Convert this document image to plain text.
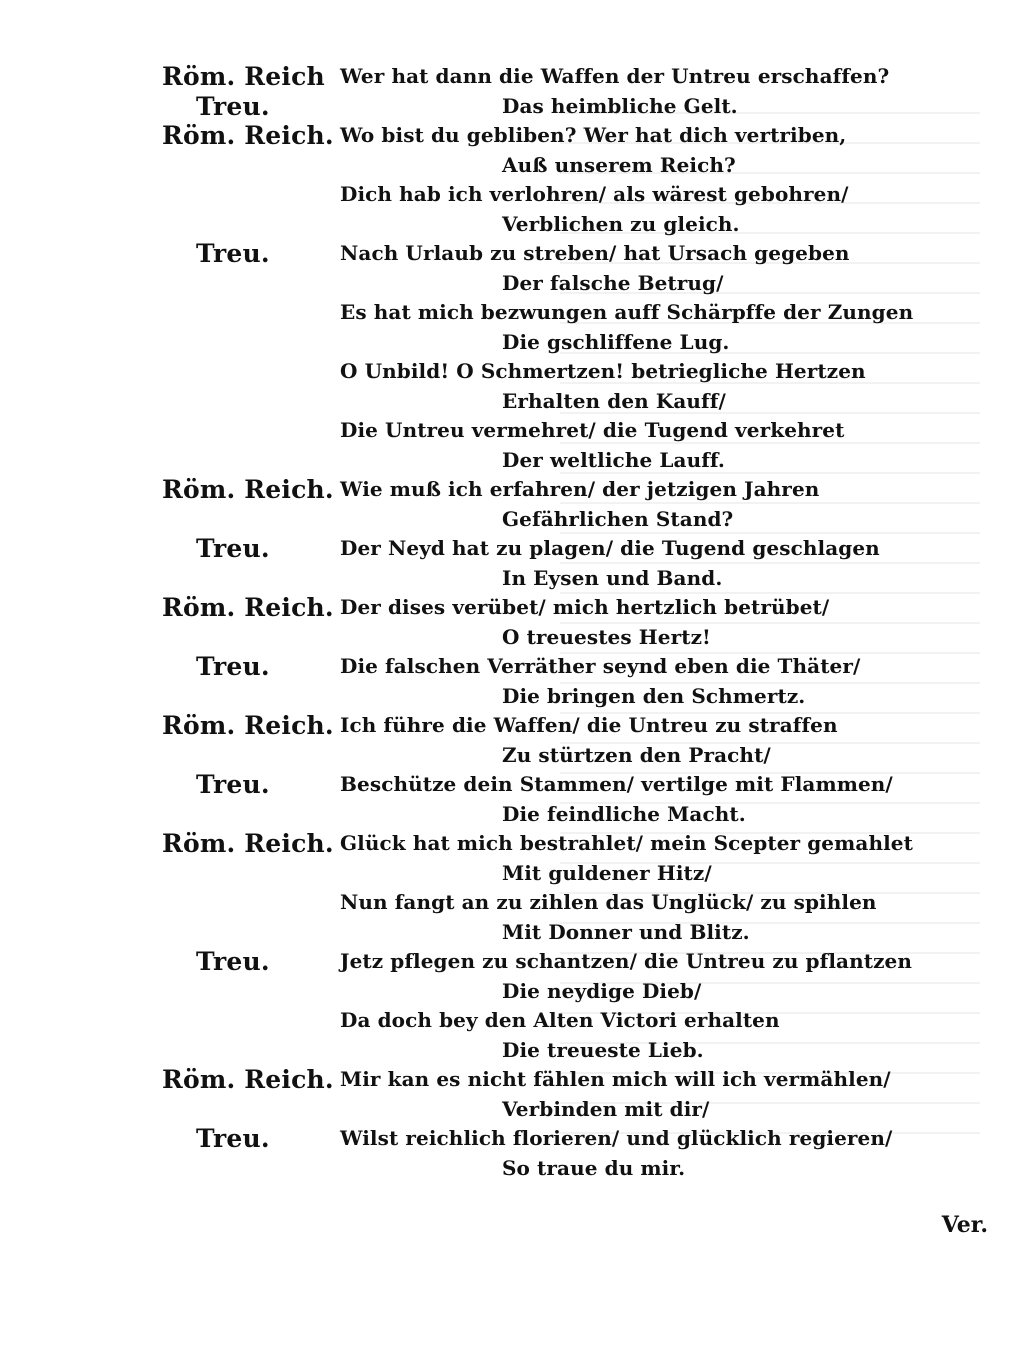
Röm. Reich Wer hat dann die Waffen der Untreu erschaffen?
Treu.	Das heimbliche Gelt.
Röm. Reich. Wo bist du gebliben? Wer hat dich vertriben,
Auß unserem Reich?
Dich hab ich verlohren/ als wärest gebohren/
Verblichen zu gleich.
Treu.	Nach Urlaub zu streben/ hat Ursach gegeben
Der falsche Betrug/
Es hat mich bezwungen auff Schärpffe der Zungen
Die gschliffene Lug.
O Unbild! O Schmertzen! betriegliche Hertzen
Erhalten den Kauff/
Die Untreu vermehret/ die Tugend verkehret
Der weltliche Lauff.
Röm. Reich. Wie muß ich erfahren/ der jetzigen Jahren
Gefährlichen Stand?
Treu.	Der Neyd hat zu plagen/ die Tugend geschlagen
In Eysen und Band.
Röm. Reich. Der dises verübet/ mich hertzlich betrübet/
O treuestes Hertz!
Treu.	Die falschen Verräther seynd eben die Thäter/
Die bringen den Schmertz.
Röm. Reich. Ich führe die Waffen/ die Untreu zu straffen
Zu stürtzen den Pracht/
Treu.	Beschütze dein Stammen/ vertilge mit Flammen/
Die feindliche Macht.
Röm. Reich. Glück hat mich bestrahlet/ mein Scepter gemahlet
Mit guldener Hitz/
Nun fangt an zu zihlen das Unglück/ zu spihlen
Mit Donner und Blitz.
Treu.	Jetz pflegen zu schantzen/ die Untreu zu pflantzen
Die neydige Dieb/
Da doch bey den Alten Victori erhalten
Die treueste Lieb.
Röm. Reich. Mir kan es nicht fählen mich will ich vermählen/
Verbinden mit dir/
Treu.	Wilst reichlich florieren/ und glücklich regieren/
So traue du mir.
Ver.
